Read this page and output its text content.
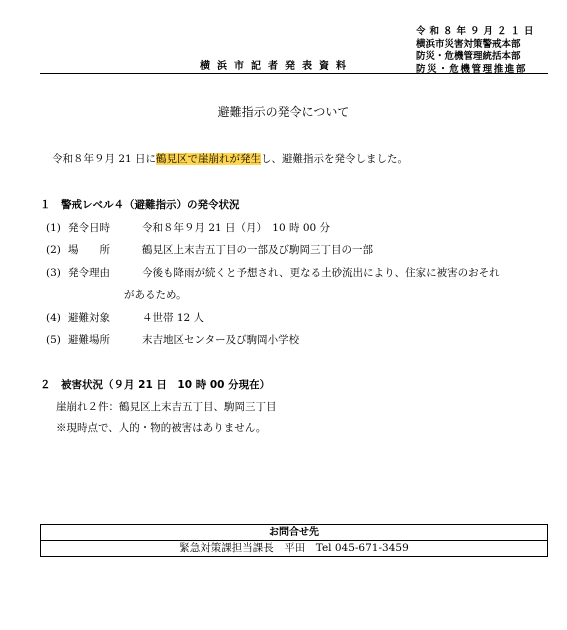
横浜市記者発表資料
令和８年９月２１日
横浜市災害対策警戒本部
防災・危機管理統括本部
防災・危機管理推進部
避難指示の発令について
令和８年９月 21 日に鶴見区で崖崩れが発生し、避難指示を発令しました。
１　警戒レベル４（避難指示）の発令状況
(1) 発令日時	令和８年９月 21 日（月）　10 時 00 分
(2) 場　　所	鶴見区上末吉五丁目の一部及び駒岡三丁目の一部
(3) 発令理由	今後も降雨が続くと予想され、更なる土砂流出により、住家に被害のおそれ
があるため。
(4) 避難対象	４世帯 12 人
(5) 避難場所	末吉地区センター及び駒岡小学校
２　被害状況（９月 21 日　10 時 00 分現在）
崖崩れ２件：鶴見区上末吉五丁目、駒岡三丁目
※現時点で、人的・物的被害はありません。
お問合せ先
緊急対策課担当課長　平田　Tel 045-671-3459
